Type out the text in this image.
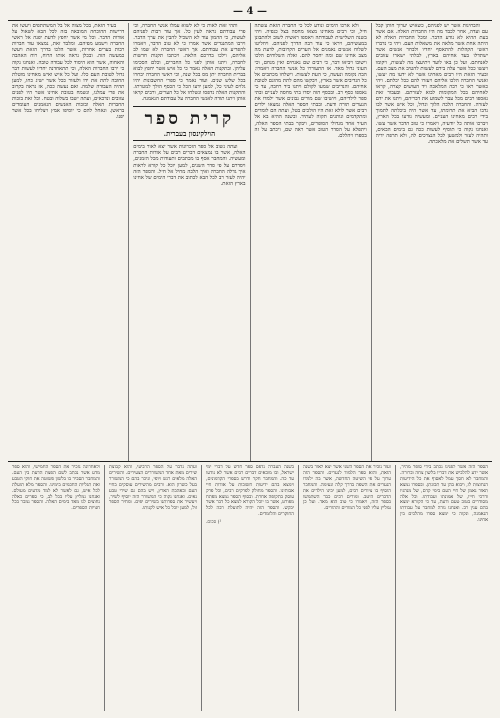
— 4 —

והבחינות אשר יש לפניהם, כשאיש יערוך חותן קבל עם ועדה, אחר לכבד מה היו החברות האלה. אם אשר בעת ההיא לא נודע הדבר. ומכל החברות האלה לא היתה אחת אשר מלאה את משאלות העם. ויהי כי נדברו ראשי הקהלות להתאסף יחדיו ולבחר אנשים אשר ישתדלו בעד אחיהם בארץ, לבלתי ישארו עזובים לאנחתם. ועל כן באו לועד ויתיעצו מה לעשות, ויקומו ויעשו ככל אשר עלה בידם לעשות להטיב את מצב העם. ובעיר הזאת היו רבים מאחינו אשר לא ידעו מה יעשו, ואנשי החברה הלכו אליהם ויעזרו להם ככל יכלתם. ויהי כאשר ראו כי רבה המלאכה ויד העושים קצרה, קראו לאחיהם בכל המקומות לבוא לעזרתם. ובעבור זאת נאספו רבים מכל עבר לשמוע את דבריהם, ויתנו את ידם לעזרה. והחברה הלכה הלוך וגדול, וכל איש אשר לבו נדבו הביא את תרומתו, עד אשר היה ביכלתה לתמוך בידי רבים מאחינו העניים. ומעשיה נודעו בכל הארץ, ויברכו אותה כל יודעיה, ויאמרו כי טוב הדבר אשר עשו. ואנחנו נקוה כי תוסיף לעשות ככה גם בימים הבאים, ותהיה לעזר ולמשען לכל הנצרכים לה, ולא תרפה ידיה עד אשר תשלים את מלאכתה.

ולא ארכו הימים ונודע לכל כי החברה הזאת עשתה חיל, וכי רבים מאחינו מצאו מחסה בצל כנפיה. ויהי בשנה השלישית לעבודתה ויאספו ראשיה לשוב ולהתבונן במעשיהם, ויראו כי עוד רבה הדרך לפניהם. ויחליטו לשלוח אנשים נאמנים אל הערים הקרובות, לדעת מה מצב אחינו שם ומה יחסר להם. ואלה השלוחים הלכו וישובו ויביאו דבר, כי רבים שם נאנחים ואין מנחם, וכי העוני גדול מאד. אז התעוררו כל אנשי החברה ויאמרו: הבה נקומה ונעשה, כי העת לעשות. וישלחו מכתבים אל כל הנדיבים אשר בארץ, ויבקשו מהם לתת מהונם לטובת אחיהם. והנדיבים שמעו לקולם ויתנו ביד רחבה, עד כי נאספו כסף רב. ובכסף הזה יסדו בתי מחסה לעניים ובתי ספר לילדיהם, ויושיבו שם מורים נבונים אשר ילמדו את הנערים תורה ודעת. ובבתי הספר האלה נמצאו ילדים רבים אשר לולא זאת היו הולכים בטל, ועתה הם לומדים ומתקדמים ונותנים תקוה לעתיד. ובשנה ההיא בא אל העיר אחד מגדולי הסופרים, ויבקר בבתי הספר האלה, ויתפלא על הסדר הטוב אשר ראה שם, ויכתב על זה בספרו ויהללם.

ותהי זאת לאות כי לא לשוא עמלו אנשי החברה, וכי פרי עבודתם נראה לעין כל. אך עוד רבות לפניהם לעשות, כי ההמון עוד לא השכיל להבין את ערך הדבר. וירבו המתנגדים אשר אמרו כי לא טוב הדבר, ויאמרו להפריע את עבודתם. אך ראשי החברה לא שמו לב אליהם, וילכו בדרכם הלאה. ויכתבו תקנות חדשות לחברה, ויתנו אותן לפני כל החברים, וכלם הסכימו עליהן. ובתקנות האלה נאמר כי כל איש אשר יחפץ לבוא בברית החברה יתן מס בכל שנה, וכי ראשי החברה יבחרו בכל שלש שנים. ועוד נאמר כי ספרי החשבונות יהיו גלוים לעיני כל, למען ידעו הכל כי הכסף הולך למטרתו. והתקנות האלה נדפסו ונשלחו אל כל הערים, ורבים קראו אותן ויתנו תודה לאנשי החברה על עבודתם הנאמנה.

קרית ספר
הוילקינסון בעברית.

ועתה נשוב אל ספר הזכרונות אשר יצא לאור בימים האלה, אשר בו נמצאים דברים רבים על אודות החברה ומעשיה. והמחבר אסף בו מכתבים ותעודות מכל הזמנים, ויסדרם על פי סדר השנים, למען יוכל כל קורא לראות איך גדלה החברה ואיך הלכה מחיל אל חיל. והספר הזה יהיה לעזר רב לכל הבא לכתוב את דברי הימים של אחינו בארץ הזאת.

בעיר הזאת, בכל מצוה אל בל המשתתפים ויעשו את דרישות ההוכחה המובאה בזה לכל הבא לשאול על אודות הדבר. וכל מי אשר יחפץ לדעת יפנה אל ראשי החברה וישמע מפיהם. ומלבד זאת, נמצאו עוד חברות רבות בערים אחרות, אשר הלכו בדרך הזאת ויעשו כמעשה הזה. ובכלן נראה אותו הרוח, רוח האהבה והאחוה, אשר הוא היסוד לכל עבודה טובה. ואנחנו נקוה כי ירבו החברות האלה, וכי תתאחדנה יחדיו לעשות דבר גדול לטובת העם כלו. ועל כל איש ואיש מאחינו מוטלת החובה לתת את ידו ולעזור ככל אשר ישיג כחו, למען תהיה העבודה שלמה. ואם נעשה ככה, אז נראה בקרוב את פרי עמלנו, ונשמח בטובת אחינו אשר היו לפנים עזובים ונדכאים, ועתה ישבו בשלוה ובטח. וכל זאת בזכות החברות האלה ובזכות האנשים הנאמנים העומדים בראשן. ונאחל להם כי יוסיפו אמץ ויצליחו בכל אשר יפנו.

הספר הזה אשר לפנינו נכתב בידי סופר מהיר, אשר ידע להלביש את דבריו בלשון צחה וברורה. והמחבר לא חסך עמל לאסוף את כל הידיעות הנחוצות לו, ויבוא בהן עד תכונתן. ובספרו נמצא תאור נאמן של חיי העם בימי קדם, של מנהגיו ודרכי חייו, של אמונתו ועבודתו. וכל אלה מסודרים בטוב טעם ודעת, עד כי הקורא ימצא בהם ענין רב. ואנחנו נודה למחבר על עבודתו הנאמנה, ונקוה כי ימצא ספרו מהלכים בין אחינו.

ועוד נזכיר את הספר השני אשר יצא לאור בשנה הזאת, והוא ספר הלמוד לנערים. והספר הזה ערוך על פי השיטה החדשה, אשר בה ילמדו הנערים את השפה בדרך קלה ונעימה. והמחבר הוסיף בו ציורים רבים, למען יבינו הילדים את הדברים היטב. ומורים רבים כבר השתמשו בספר הזה, ויאמרו כי טוב הוא מאד. ועל כן נמליץ עליו לפני כל המורים וההורים.

בשנה העברה נדפס ספר חדש על דברי ימי ישראל, ובו מובאים דברים רבים אשר לא נודעו עד כה. והמחבר חקר ודרש בספרי הקדמונים, וימצא בהם ידיעות חשובות על אודות חיי אבותינו. והספר מחולק לפרקים רבים, וכל פרק עוסק בתקופה אחרת. ובסוף הספר נמצא מפתח מפורט, אשר בו יוכל הקורא למצא כל דבר אשר יבקש. והספר הזה יהיה לתועלת רבה לכל החוקרים והלומדים.

¹) סכום.

ועתה נדבר על הספר הרביעי, והוא קבוצת שירים מאת אחד המשוררים הצעירים. והשירים האלה מלאים רגש ויופי, וניכר בהם כי המשורר בעל כשרון הוא. ורבים מהשירים עוסקים בחיי העם ובאהבת הארץ, ויש בהם גם שירי טבע נאים. ואנחנו נקוה כי המשורר הזה יוסיף לשיר, ויעשיר את ספרותנו בשירים יפים. ומחיר הספר זול, למען יוכל כל איש לקנותו.

ולאחרונה נזכיר את הספר החמישי, והוא ספר מדע אשר נכתב לשם הפצת הדעת בין העם. והמחבר הסביר בו בלשון פשוטה את חוקי הטבע ואת תגליות החכמים בימינו. והספר מלא תועלת לכל איש, גם לאשר לא למד מדעים מעולם. ואנחנו נמליץ עליו בכל לב, כי ספרים כאלה נחוצים לנו מאד בימים האלה. והספר נמכר בכל חנויות הספרים.
